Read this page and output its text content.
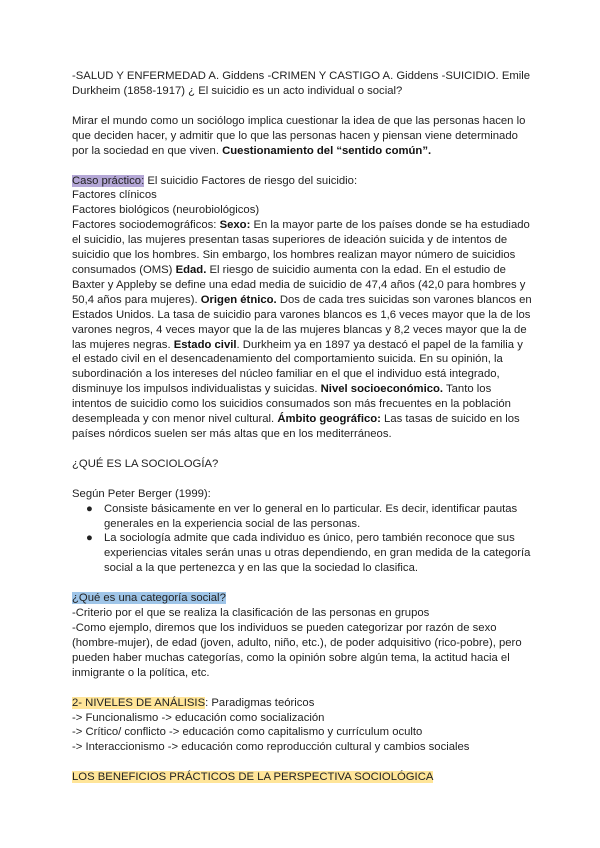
-SALUD Y ENFERMEDAD A. Giddens -CRIMEN Y CASTIGO A. Giddens -SUICIDIO. Emile Durkheim (1858-1917) ¿ El suicidio es un acto individual o social?

Mirar el mundo como un sociólogo implica cuestionar la idea de que las personas hacen lo que deciden hacer, y admitir que lo que las personas hacen y piensan viene determinado por la sociedad en que viven. Cuestionamiento del “sentido común”.

Caso práctico: El suicidio Factores de riesgo del suicidio:

Factores clínicos

Factores biológicos (neurobiológicos)

Factores sociodemográficos: Sexo: En la mayor parte de los países donde se ha estudiado el suicidio, las mujeres presentan tasas superiores de ideación suicida y de intentos de suicidio que los hombres. Sin embargo, los hombres realizan mayor número de suicidios consumados (OMS) Edad. El riesgo de suicidio aumenta con la edad. En el estudio de Baxter y Appleby se define una edad media de suicidio de 47,4 años (42,0 para hombres y 50,4 años para mujeres). Origen étnico. Dos de cada tres suicidas son varones blancos en Estados Unidos. La tasa de suicidio para varones blancos es 1,6 veces mayor que la de los varones negros, 4 veces mayor que la de las mujeres blancas y 8,2 veces mayor que la de las mujeres negras. Estado civil. Durkheim ya en 1897 ya destacó el papel de la familia y el estado civil en el desencadenamiento del comportamiento suicida. En su opinión, la subordinación a los intereses del núcleo familiar en el que el individuo está integrado, disminuye los impulsos individualistas y suicidas. Nivel socioeconómico. Tanto los intentos de suicidio como los suicidios consumados son más frecuentes en la población desempleada y con menor nivel cultural. Ámbito geográfico: Las tasas de suicido en los países nórdicos suelen ser más altas que en los mediterráneos.

¿QUÉ ES LA SOCIOLOGÍA?

Según Peter Berger (1999):

● Consiste básicamente en ver lo general en lo particular. Es decir, identificar pautas generales en la experiencia social de las personas.
● La sociología admite que cada individuo es único, pero también reconoce que sus experiencias vitales serán unas u otras dependiendo, en gran medida de la categoría social a la que pertenezca y en las que la sociedad lo clasifica.

¿Qué es una categoría social?

-Criterio por el que se realiza la clasificación de las personas en grupos

-Como ejemplo, diremos que los individuos se pueden categorizar por razón de sexo (hombre-mujer), de edad (joven, adulto, niño, etc.), de poder adquisitivo (rico-pobre), pero pueden haber muchas categorías, como la opinión sobre algún tema, la actitud hacia el inmigrante o la política, etc.

2- NIVELES DE ANÁLISIS: Paradigmas teóricos

-> Funcionalismo -> educación como socialización

-> Crítico/ conflicto -> educación como capitalismo y currículum oculto

-> Interaccionismo -> educación como reproducción cultural y cambios sociales

LOS BENEFICIOS PRÁCTICOS DE LA PERSPECTIVA SOCIOLÓGICA
